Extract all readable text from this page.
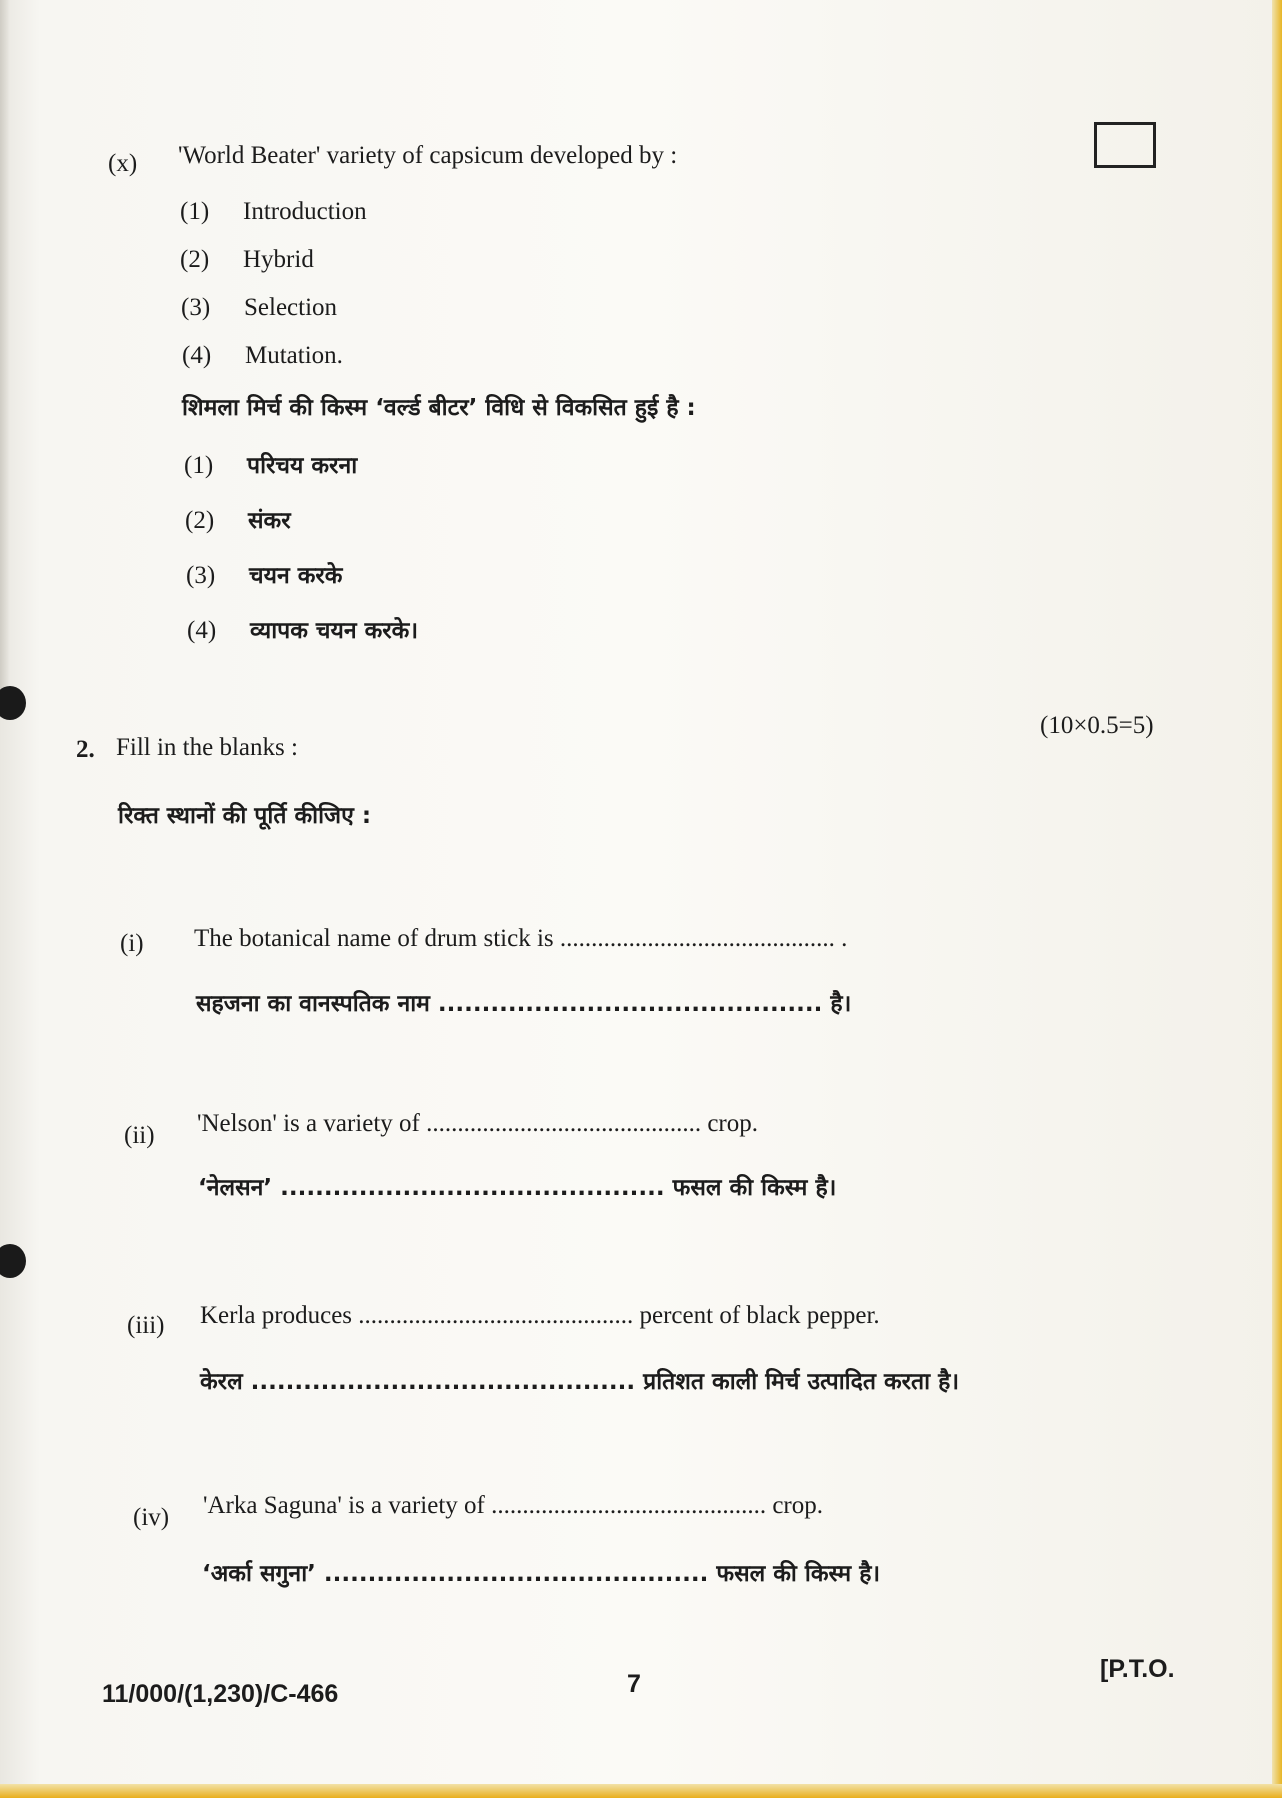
(x) 'World Beater' variety of capsicum developed by :
(1) Introduction
(2) Hybrid
(3) Selection
(4) Mutation.
शिमला मिर्च की किस्म ‘वर्ल्ड बीटर’ विधि से विकसित हुई है :
(1) परिचय करना
(2) संकर
(3) चयन करके
(4) व्यापक चयन करके।
(10×0.5=5)
2. Fill in the blanks :
रिक्त स्थानों की पूर्ति कीजिए :
(i) The botanical name of drum stick is ............................................ .
सहजना का वानस्पतिक नाम ............................................ है।
(ii) 'Nelson' is a variety of ............................................ crop.
‘नेलसन’ ............................................ फसल की किस्म है।
(iii) Kerla produces ............................................ percent of black pepper.
केरल ............................................ प्रतिशत काली मिर्च उत्पादित करता है।
(iv) 'Arka Saguna' is a variety of ............................................ crop.
‘अर्का सगुना’ ............................................ फसल की किस्म है।
11/000/(1,230)/C-466	7
[P.T.O.
